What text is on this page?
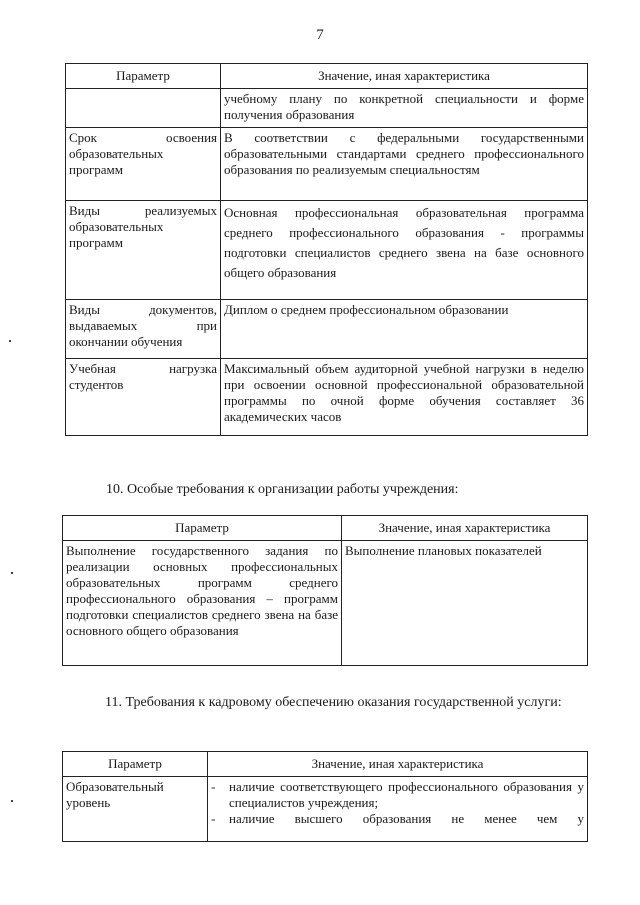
7
Параметр	Значение, иная характеристика
	учебному плану по конкретной специальности и форме получения образования
Срок освоения образовательных программ	В соответствии с федеральными государственными образовательными стандартами среднего профессионального образования по реализуемым специальностям
Виды реализуемых образовательных программ	Основная профессиональная образовательная программа среднего профессионального образования - программы подготовки специалистов среднего звена на базе основного общего образования
Виды документов, выдаваемых при окончании обучения	Диплом о среднем профессиональном образовании
Учебная нагрузка студентов	Максимальный объем аудиторной учебной нагрузки в неделю при освоении основной профессиональной образовательной программы по очной форме обучения составляет 36 академических часов
10. Особые требования к организации работы учреждения:
Параметр	Значение, иная характеристика
Выполнение государственного задания по реализации основных профессиональных образовательных программ среднего профессионального образования – программ подготовки специалистов среднего звена на базе основного общего образования	Выполнение плановых показателей
11. Требования к кадровому обеспечению оказания государственной услуги:
Параметр	Значение, иная характеристика
Образовательный уровень	- наличие соответствующего профессионального образования у специалистов учреждения;
- наличие высшего образования не менее чем у
